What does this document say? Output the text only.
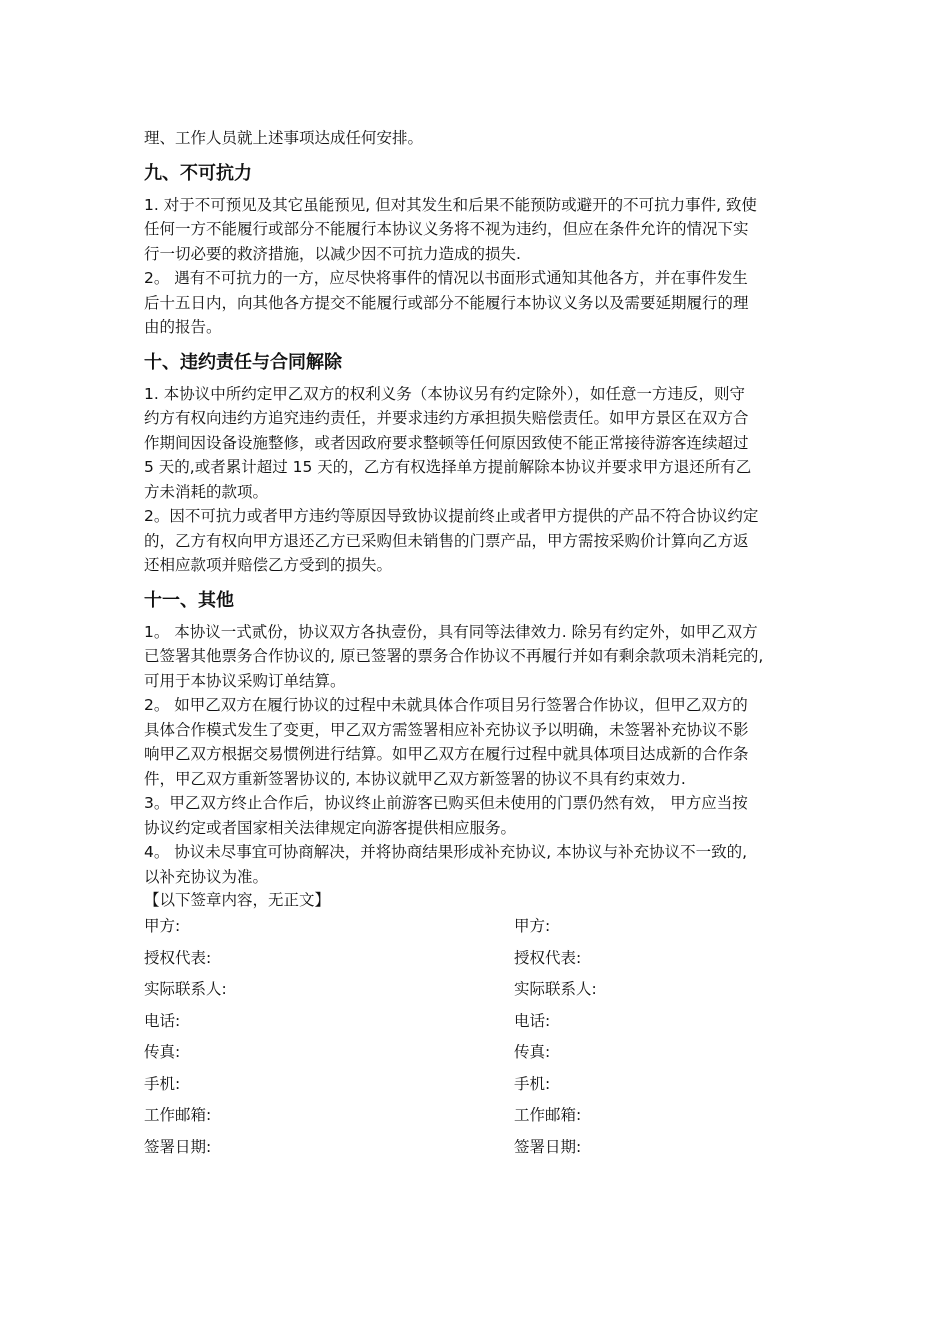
理、工作人员就上述事项达成任何安排。
九、不可抗力
1. 对于不可预见及其它虽能预见, 但对其发生和后果不能预防或避开的不可抗力事件, 致使
任何一方不能履行或部分不能履行本协议义务将不视为违约，但应在条件允许的情况下实
行一切必要的救济措施，以减少因不可抗力造成的损失.
2。 遇有不可抗力的一方，应尽快将事件的情况以书面形式通知其他各方，并在事件发生
后十五日内，向其他各方提交不能履行或部分不能履行本协议义务以及需要延期履行的理
由的报告。
十、违约责任与合同解除
1. 本协议中所约定甲乙双方的权利义务（本协议另有约定除外），如任意一方违反，则守
约方有权向违约方追究违约责任，并要求违约方承担损失赔偿责任。如甲方景区在双方合
作期间因设备设施整修，或者因政府要求整顿等任何原因致使不能正常接待游客连续超过
5 天的,或者累计超过 15 天的，乙方有权选择单方提前解除本协议并要求甲方退还所有乙
方未消耗的款项。
2。因不可抗力或者甲方违约等原因导致协议提前终止或者甲方提供的产品不符合协议约定
的，乙方有权向甲方退还乙方已采购但未销售的门票产品，甲方需按采购价计算向乙方返
还相应款项并赔偿乙方受到的损失。
十一、其他
1。 本协议一式贰份，协议双方各执壹份，具有同等法律效力. 除另有约定外，如甲乙双方
已签署其他票务合作协议的, 原已签署的票务合作协议不再履行并如有剩余款项未消耗完的,
可用于本协议采购订单结算。
2。 如甲乙双方在履行协议的过程中未就具体合作项目另行签署合作协议，但甲乙双方的
具体合作模式发生了变更，甲乙双方需签署相应补充协议予以明确，未签署补充协议不影
响甲乙双方根据交易惯例进行结算。如甲乙双方在履行过程中就具体项目达成新的合作条
件，甲乙双方重新签署协议的, 本协议就甲乙双方新签署的协议不具有约束效力.
3。甲乙双方终止合作后，协议终止前游客已购买但未使用的门票仍然有效， 甲方应当按
协议约定或者国家相关法律规定向游客提供相应服务。
4。 协议未尽事宜可协商解决，并将协商结果形成补充协议, 本协议与补充协议不一致的,
以补充协议为准。
【以下签章内容，无正文】
甲方:	甲方:
授权代表:	授权代表:
实际联系人:	实际联系人:
电话:	电话:
传真:	传真:
手机:	手机:
工作邮箱:	工作邮箱:
签署日期:	签署日期:
